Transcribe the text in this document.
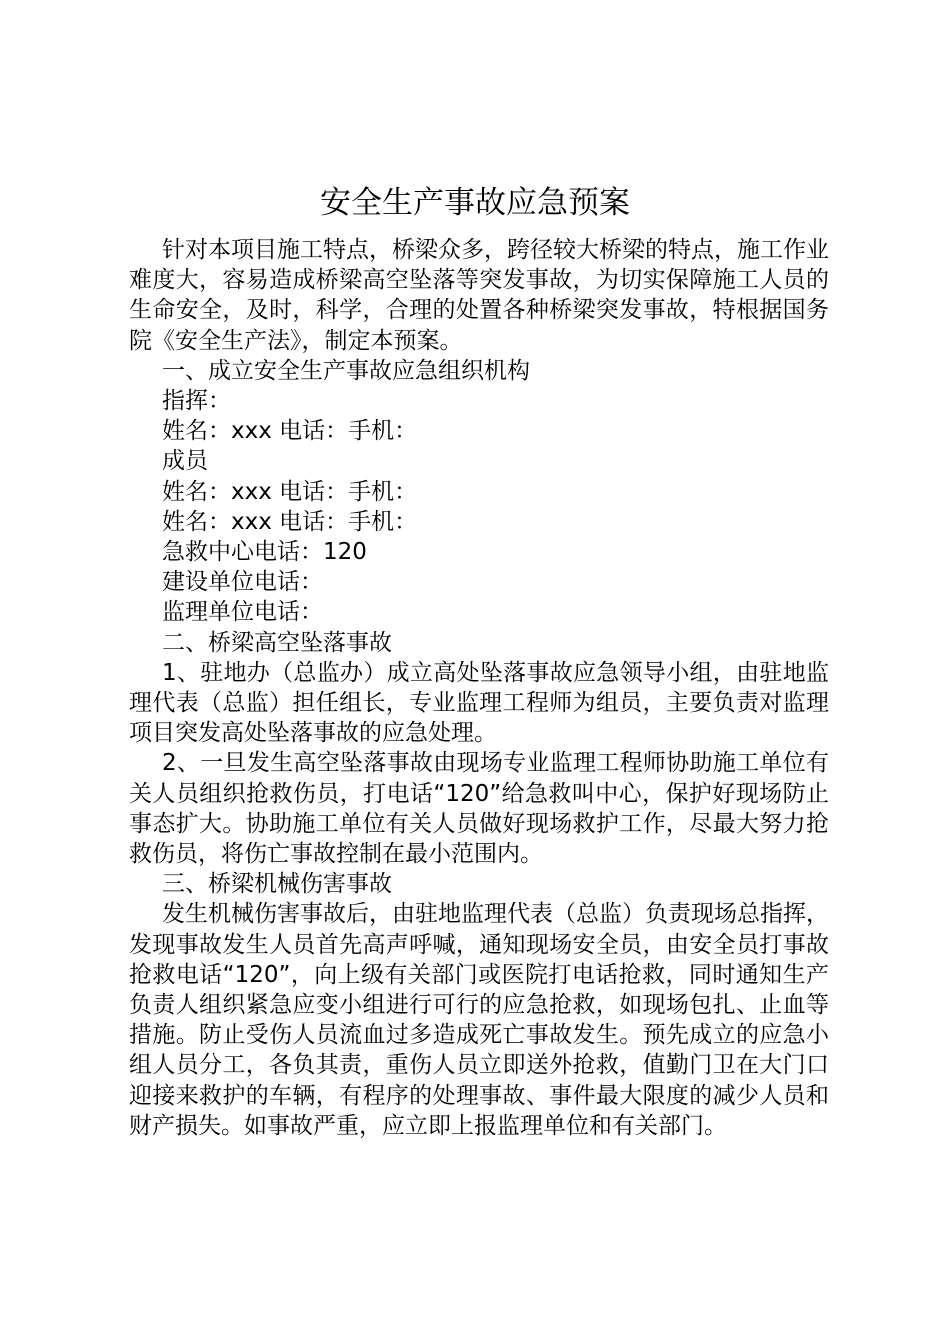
安全生产事故应急预案

针对本项目施工特点，桥梁众多，跨径较大桥梁的特点，施工作业难度大，容易造成桥梁高空坠落等突发事故，为切实保障施工人员的生命安全，及时，科学，合理的处置各种桥梁突发事故，特根据国务院《安全生产法》，制定本预案。

一、成立安全生产事故应急组织机构

指挥：

姓名：xxx 电话：手机：

成员

姓名：xxx 电话：手机：

姓名：xxx 电话：手机：

急救中心电话：120

建设单位电话：

监理单位电话：

二、桥梁高空坠落事故

1、驻地办（总监办）成立高处坠落事故应急领导小组，由驻地监理代表（总监）担任组长，专业监理工程师为组员，主要负责对监理项目突发高处坠落事故的应急处理。

2、一旦发生高空坠落事故由现场专业监理工程师协助施工单位有关人员组织抢救伤员，打电话“120”给急救叫中心，保护好现场防止事态扩大。协助施工单位有关人员做好现场救护工作，尽最大努力抢救伤员，将伤亡事故控制在最小范围内。

三、桥梁机械伤害事故

发生机械伤害事故后，由驻地监理代表（总监）负责现场总指挥，发现事故发生人员首先高声呼喊，通知现场安全员，由安全员打事故抢救电话“120”，向上级有关部门或医院打电话抢救，同时通知生产负责人组织紧急应变小组进行可行的应急抢救，如现场包扎、止血等措施。防止受伤人员流血过多造成死亡事故发生。预先成立的应急小组人员分工，各负其责，重伤人员立即送外抢救，值勤门卫在大门口迎接来救护的车辆，有程序的处理事故、事件最大限度的减少人员和财产损失。如事故严重，应立即上报监理单位和有关部门。
